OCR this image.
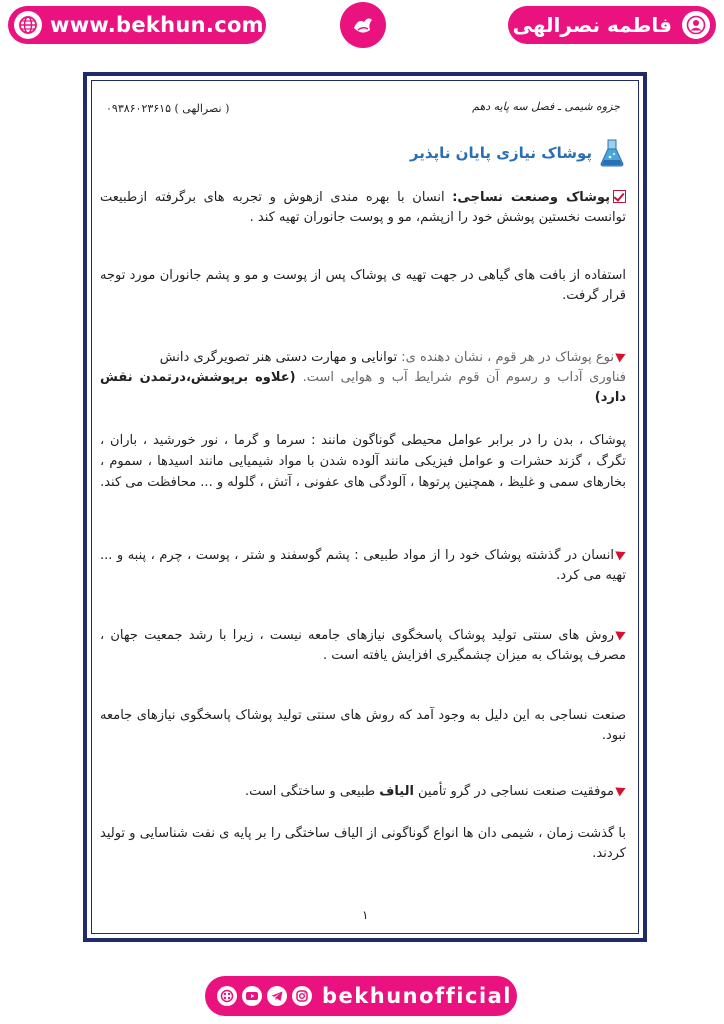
www.bekhun.com	فاطمه نصرالهی
( نصرالهی ) ۰۹۳۸۶۰۲۳۶۱۵	جزوه شیمی ـ فصل سه پایه دهم
پوشاک نیازی پایان ناپذیر

پوشاک وصنعت نساجی: انسان با بهره مندی ازهوش و تجربه های برگرفته ازطبیعت توانست نخستین پوشش خود را ازپشم، مو و پوست جانوران تهیه کند .

استفاده از بافت های گیاهی در جهت تهیه ی پوشاک پس از پوست و مو و پشم جانوران مورد توجه قرار گرفت.

نوع پوشاک در هر قوم ، نشان دهنده ی: توانایی و مهارت دستی هنر تصویرگری دانش
فناوری آداب و رسوم آن قوم شرایط آب و هوایی است. (علاوه برپوشش،درتمدن نقش دارد)

پوشاک ، بدن را در برابر عوامل محیطی گوناگون مانند : سرما و گرما ، نور خورشید ، باران ، تگرگ ، گزند حشرات و عوامل فیزیکی مانند آلوده شدن با مواد شیمیایی مانند اسیدها ، سموم ، بخارهای سمی و غلیظ ، همچنین پرتوها ، آلودگی های عفونی ، آتش ، گلوله و ... محافظت می کند.

انسان در گذشته پوشاک خود را از مواد طبیعی : پشم گوسفند و شتر ، پوست ، چرم ، پنبه و ... تهیه می کرد.

روش های سنتی تولید پوشاک پاسخگوی نیازهای جامعه نیست ، زیرا با رشد جمعیت جهان ، مصرف پوشاک به میزان چشمگیری افزایش یافته است .

صنعت نساجی به این دلیل به وجود آمد که روش های سنتی تولید پوشاک پاسخگوی نیازهای جامعه نبود.

موفقیت صنعت نساجی در گرو تأمین الیاف طبیعی و ساختگی است.

با گذشت زمان ، شیمی دان ها انواع گوناگونی از الیاف ساختگی را بر پایه ی نفت شناسایی و تولید کردند.

۱
bekhunofficial
